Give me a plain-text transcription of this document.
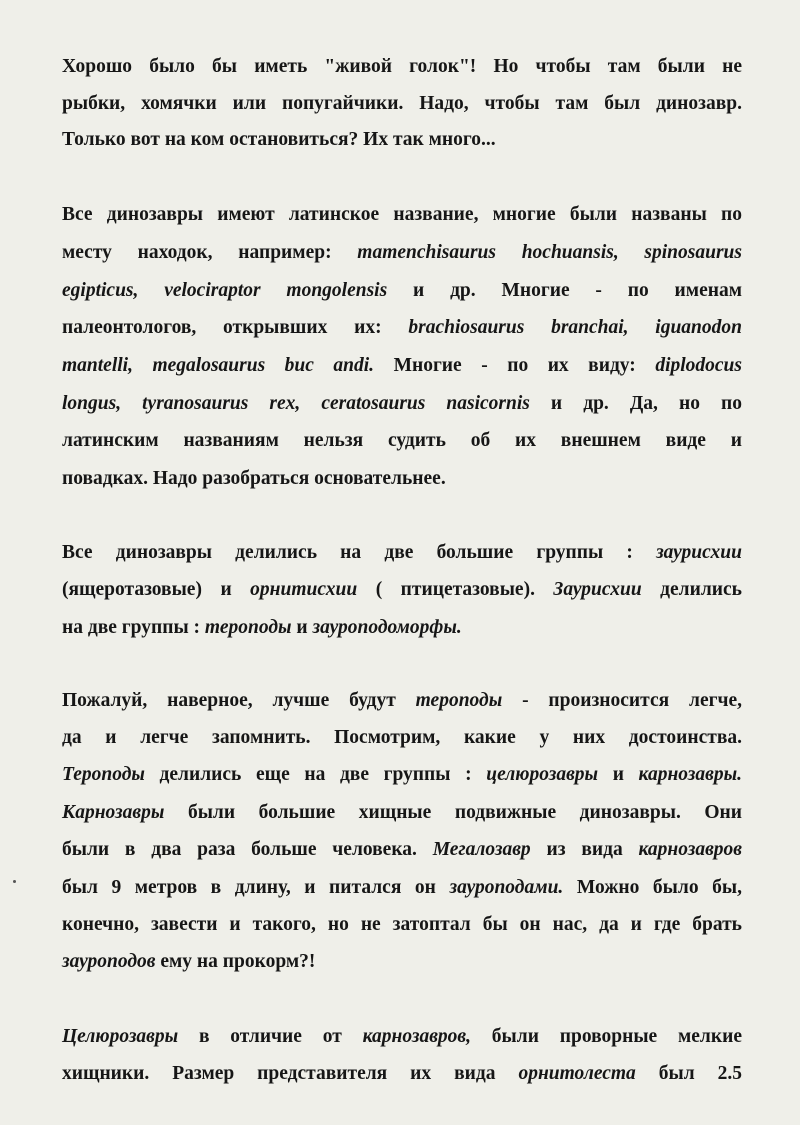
Хорошо было бы иметь "живой голок"! Но чтобы там были не
рыбки, хомячки или попугайчики. Надо, чтобы там был динозавр.
Только вот на ком остановиться? Их так много...
Все динозавры имеют латинское название, многие были названы по
месту находок, например: mamenchisaurus hochuansis, spinosaurus
egipticus, velociraptor mongolensis и др. Многие - по именам
палеонтологов, открывших их: brachiosaurus branchai, iguanodon
mantelli, megalosaurus buc andi. Многие - по их виду: diplodocus
longus, tyranosaurus rex, ceratosaurus nasicornis и др. Да, но по
латинским названиям нельзя судить об их внешнем виде и
повадках. Надо разобраться основательнее.
Все динозавры делились на две большие группы : заурисхии
(ящеротазовые) и орнитисхии ( птицетазовые). Заурисхии делились
на две группы : тероподы и зауроподоморфы.
Пожалуй, наверное, лучше будут тероподы - произносится легче,
да и легче запомнить. Посмотрим, какие у них достоинства.
Тероподы делились еще на две группы : целюрозавры и карнозавры.
Карнозавры были большие хищные подвижные динозавры. Они
были в два раза больше человека. Мегалозавр из вида карнозавров
был 9 метров в длину, и питался он зауроподами. Можно было бы,
конечно, завести и такого, но не затоптал бы он нас, да и где брать
зауроподов ему на прокорм?!
Целюрозавры в отличие от карнозавров, были проворные мелкие
хищники. Размер представителя их вида орнитолеста был 2.5
